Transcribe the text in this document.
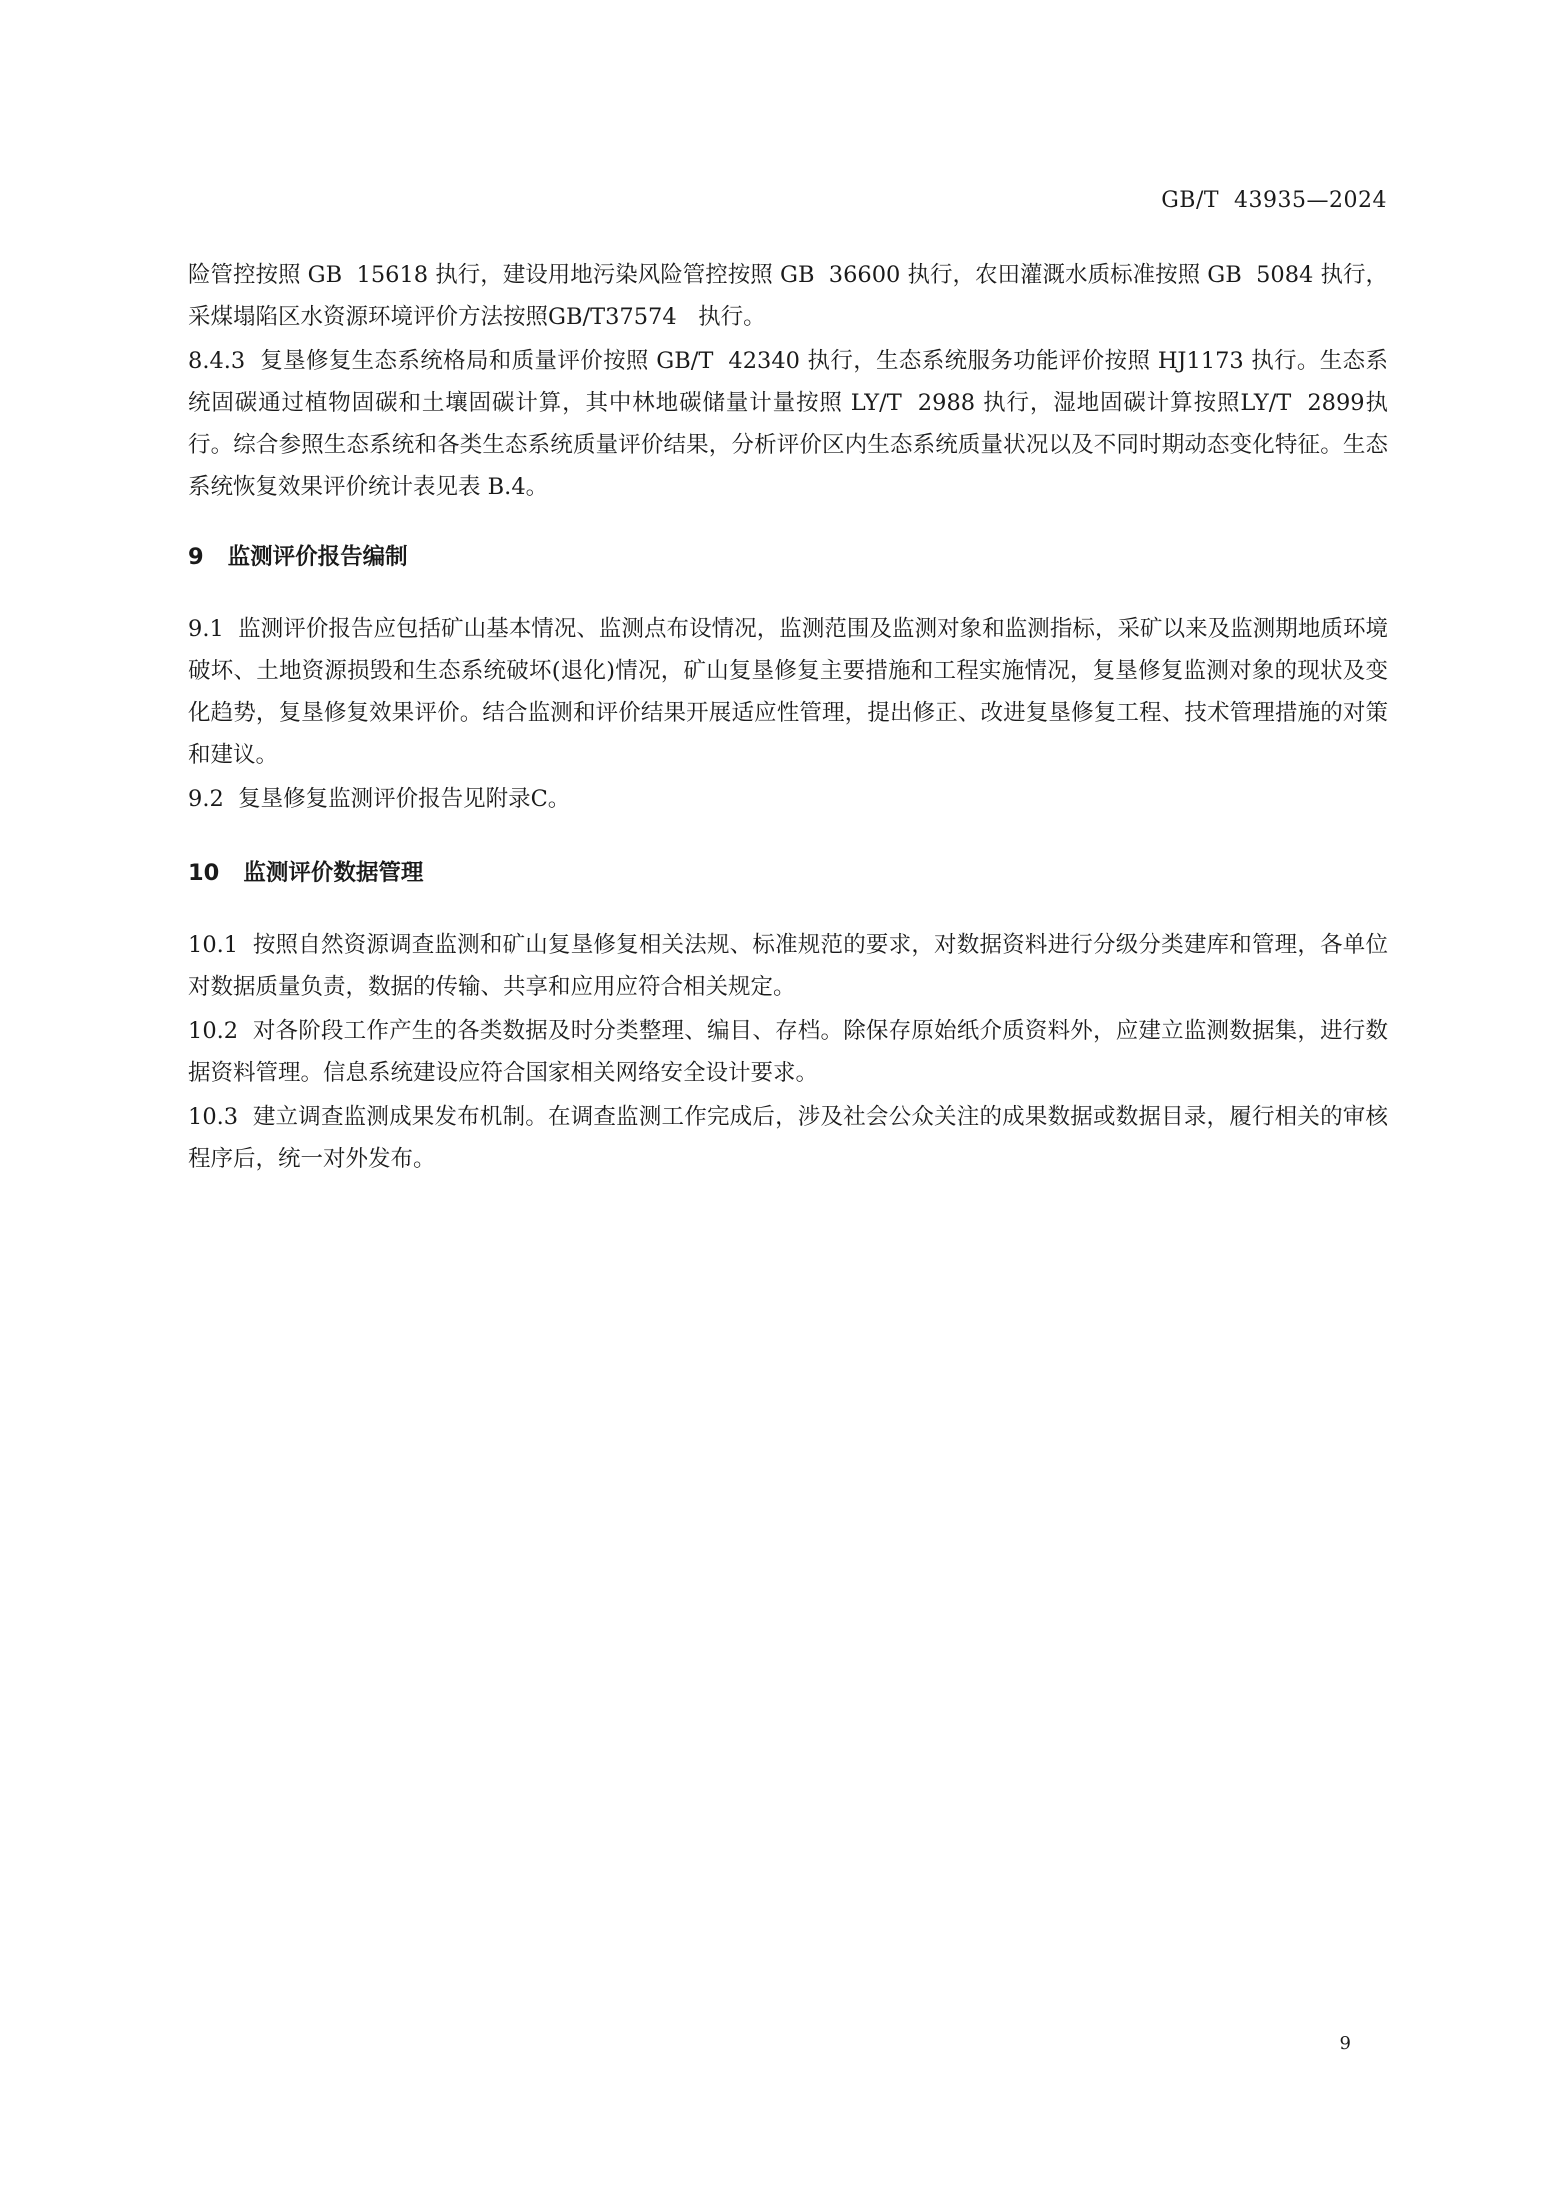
GB/T  43935—2024

险管控按照 GB  15618 执行，建设用地污染风险管控按照 GB  36600 执行，农田灌溉水质标准按照 GB  5084 执行，采煤塌陷区水资源环境评价方法按照GB/T37574   执行。

8.4.3  复垦修复生态系统格局和质量评价按照 GB/T  42340 执行，生态系统服务功能评价按照 HJ1173 执行。生态系统固碳通过植物固碳和土壤固碳计算，其中林地碳储量计量按照 LY/T  2988 执行，湿地固碳计算按照LY/T  2899执行。综合参照生态系统和各类生态系统质量评价结果，分析评价区内生态系统质量状况以及不同时期动态变化特征。生态系统恢复效果评价统计表见表 B.4。

9 监测评价报告编制

9.1  监测评价报告应包括矿山基本情况、监测点布设情况，监测范围及监测对象和监测指标，采矿以来及监测期地质环境破坏、土地资源损毁和生态系统破坏(退化)情况，矿山复垦修复主要措施和工程实施情况，复垦修复监测对象的现状及变化趋势，复垦修复效果评价。结合监测和评价结果开展适应性管理，提出修正、改进复垦修复工程、技术管理措施的对策和建议。

9.2  复垦修复监测评价报告见附录C。

10 监测评价数据管理

10.1  按照自然资源调查监测和矿山复垦修复相关法规、标准规范的要求，对数据资料进行分级分类建库和管理，各单位对数据质量负责，数据的传输、共享和应用应符合相关规定。

10.2  对各阶段工作产生的各类数据及时分类整理、编目、存档。除保存原始纸介质资料外，应建立监测数据集，进行数据资料管理。信息系统建设应符合国家相关网络安全设计要求。

10.3  建立调查监测成果发布机制。在调查监测工作完成后，涉及社会公众关注的成果数据或数据目录，履行相关的审核程序后，统一对外发布。

9
